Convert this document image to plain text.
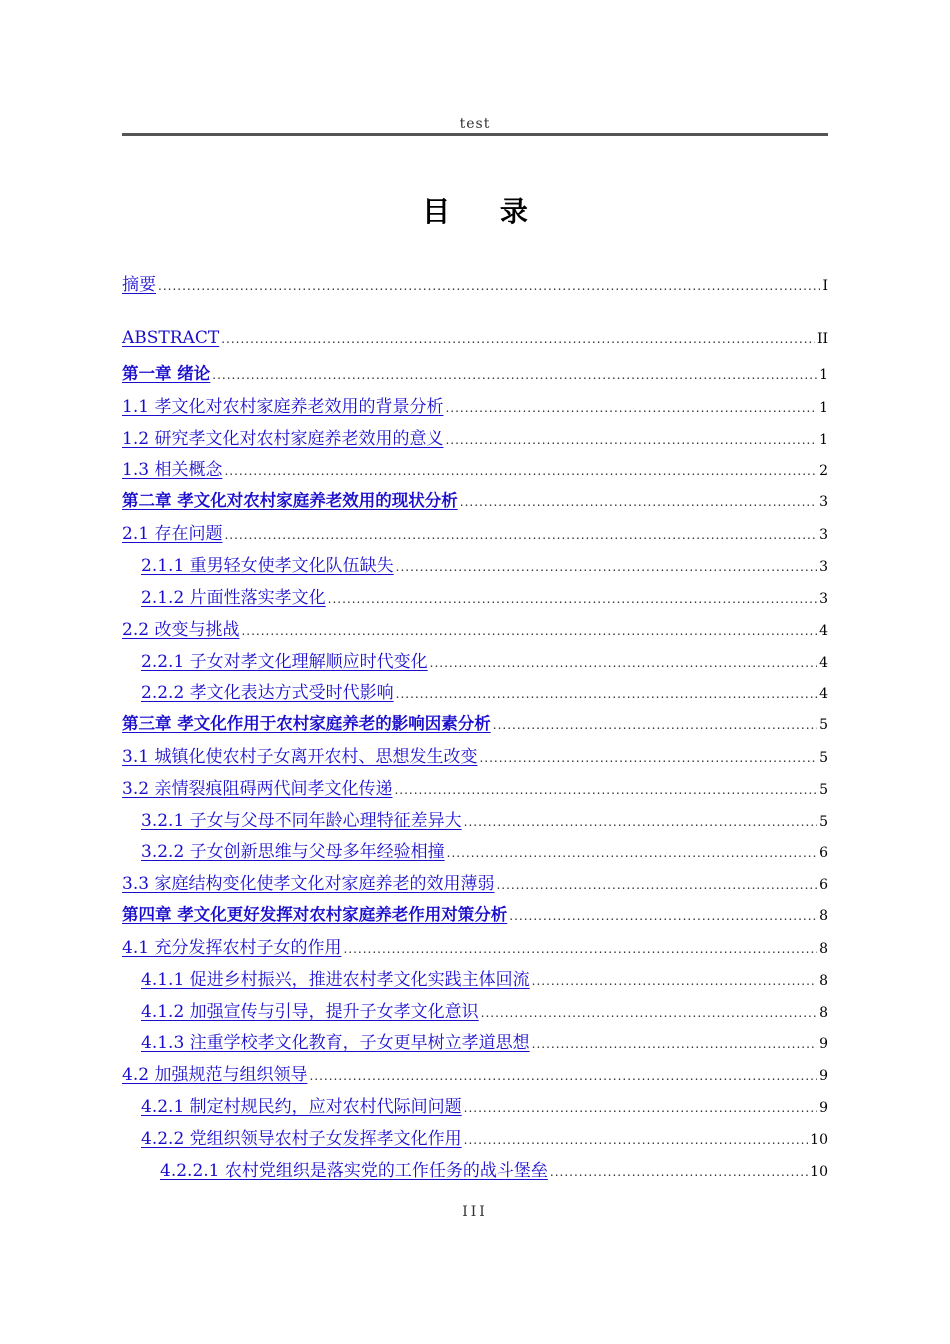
test
目 录
摘要 .....	I
ABSTRACT .....	II
第一章 绪论 .....	1
1.1 孝文化对农村家庭养老效用的背景分析 .....	1
1.2 研究孝文化对农村家庭养老效用的意义 .....	1
1.3 相关概念 .....	2
第二章 孝文化对农村家庭养老效用的现状分析 .....	3
2.1 存在问题 .....	3
2.1.1 重男轻女使孝文化队伍缺失 .....	3
2.1.2 片面性落实孝文化 .....	3
2.2 改变与挑战 .....	4
2.2.1 子女对孝文化理解顺应时代变化 .....	4
2.2.2 孝文化表达方式受时代影响 .....	4
第三章 孝文化作用于农村家庭养老的影响因素分析 .....	5
3.1 城镇化使农村子女离开农村、思想发生改变 .....	5
3.2 亲情裂痕阻碍两代间孝文化传递 .....	5
3.2.1 子女与父母不同年龄心理特征差异大 .....	5
3.2.2 子女创新思维与父母多年经验相撞 .....	6
3.3 家庭结构变化使孝文化对家庭养老的效用薄弱 .....	6
第四章 孝文化更好发挥对农村家庭养老作用对策分析 .....	8
4.1 充分发挥农村子女的作用 .....	8
4.1.1 促进乡村振兴，推进农村孝文化实践主体回流 .....	8
4.1.2 加强宣传与引导，提升子女孝文化意识 .....	8
4.1.3 注重学校孝文化教育，子女更早树立孝道思想 .....	9
4.2 加强规范与组织领导 .....	9
4.2.1 制定村规民约，应对农村代际间问题 .....	9
4.2.2 党组织领导农村子女发挥孝文化作用 .....	10
4.2.2.1 农村党组织是落实党的工作任务的战斗堡垒 .....	10
III
